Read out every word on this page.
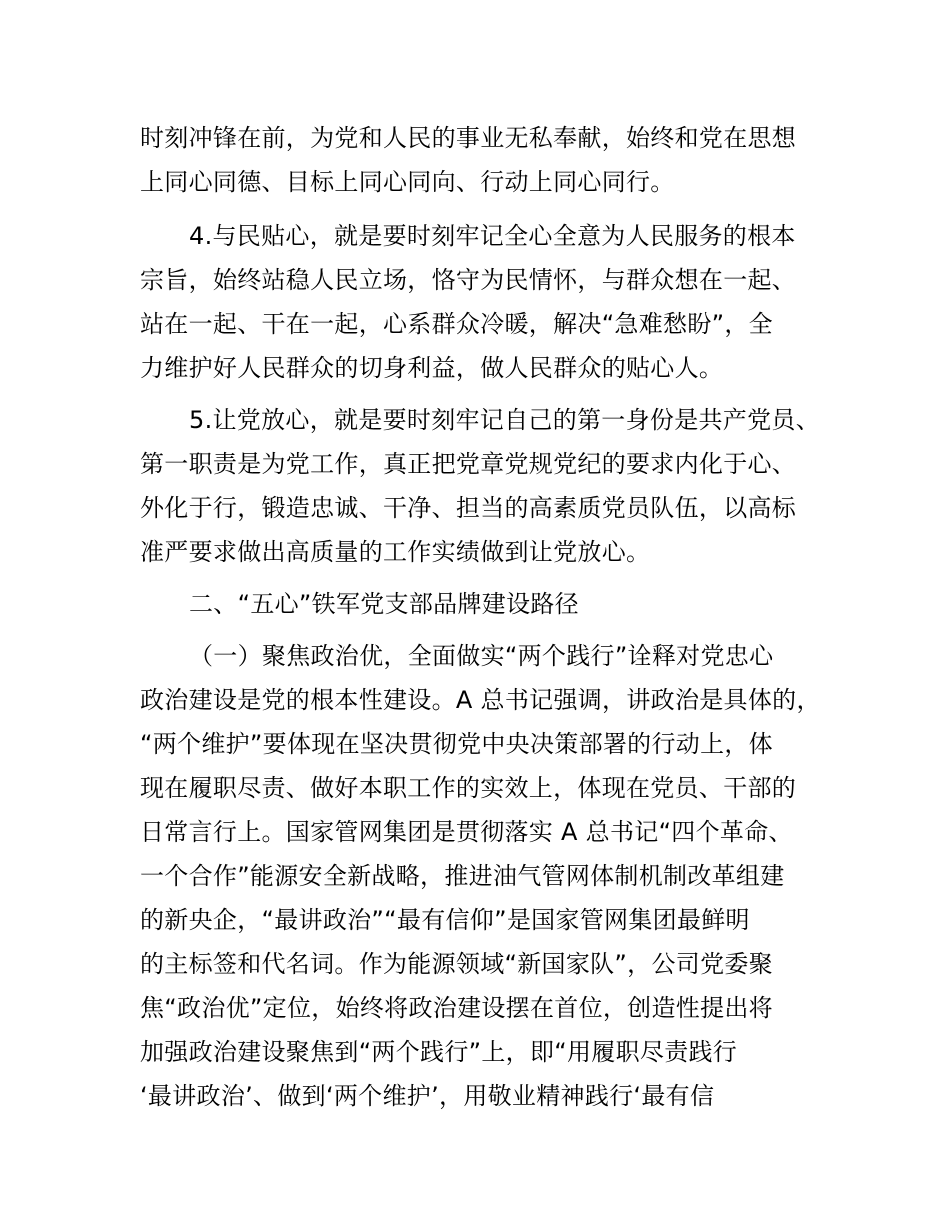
时刻冲锋在前，为党和人民的事业无私奉献，始终和党在思想
上同心同德、目标上同心同向、行动上同心同行。
4.与民贴心，就是要时刻牢记全心全意为人民服务的根本
宗旨，始终站稳人民立场，恪守为民情怀，与群众想在一起、
站在一起、干在一起，心系群众冷暖，解决“急难愁盼”，全
力维护好人民群众的切身利益，做人民群众的贴心人。
5.让党放心，就是要时刻牢记自己的第一身份是共产党员、
第一职责是为党工作，真正把党章党规党纪的要求内化于心、
外化于行，锻造忠诚、干净、担当的高素质党员队伍，以高标
准严要求做出高质量的工作实绩做到让党放心。
二、“五心”铁军党支部品牌建设路径
（一）聚焦政治优，全面做实“两个践行”诠释对党忠心
政治建设是党的根本性建设。A 总书记强调，讲政治是具体的，
“两个维护”要体现在坚决贯彻党中央决策部署的行动上，体
现在履职尽责、做好本职工作的实效上，体现在党员、干部的
日常言行上。国家管网集团是贯彻落实 A 总书记“四个革命、
一个合作”能源安全新战略，推进油气管网体制机制改革组建
的新央企，“最讲政治”“最有信仰”是国家管网集团最鲜明
的主标签和代名词。作为能源领域“新国家队”，公司党委聚
焦“政治优”定位，始终将政治建设摆在首位，创造性提出将
加强政治建设聚焦到“两个践行”上，即“用履职尽责践行
‘最讲政治’、做到‘两个维护’，用敬业精神践行‘最有信
